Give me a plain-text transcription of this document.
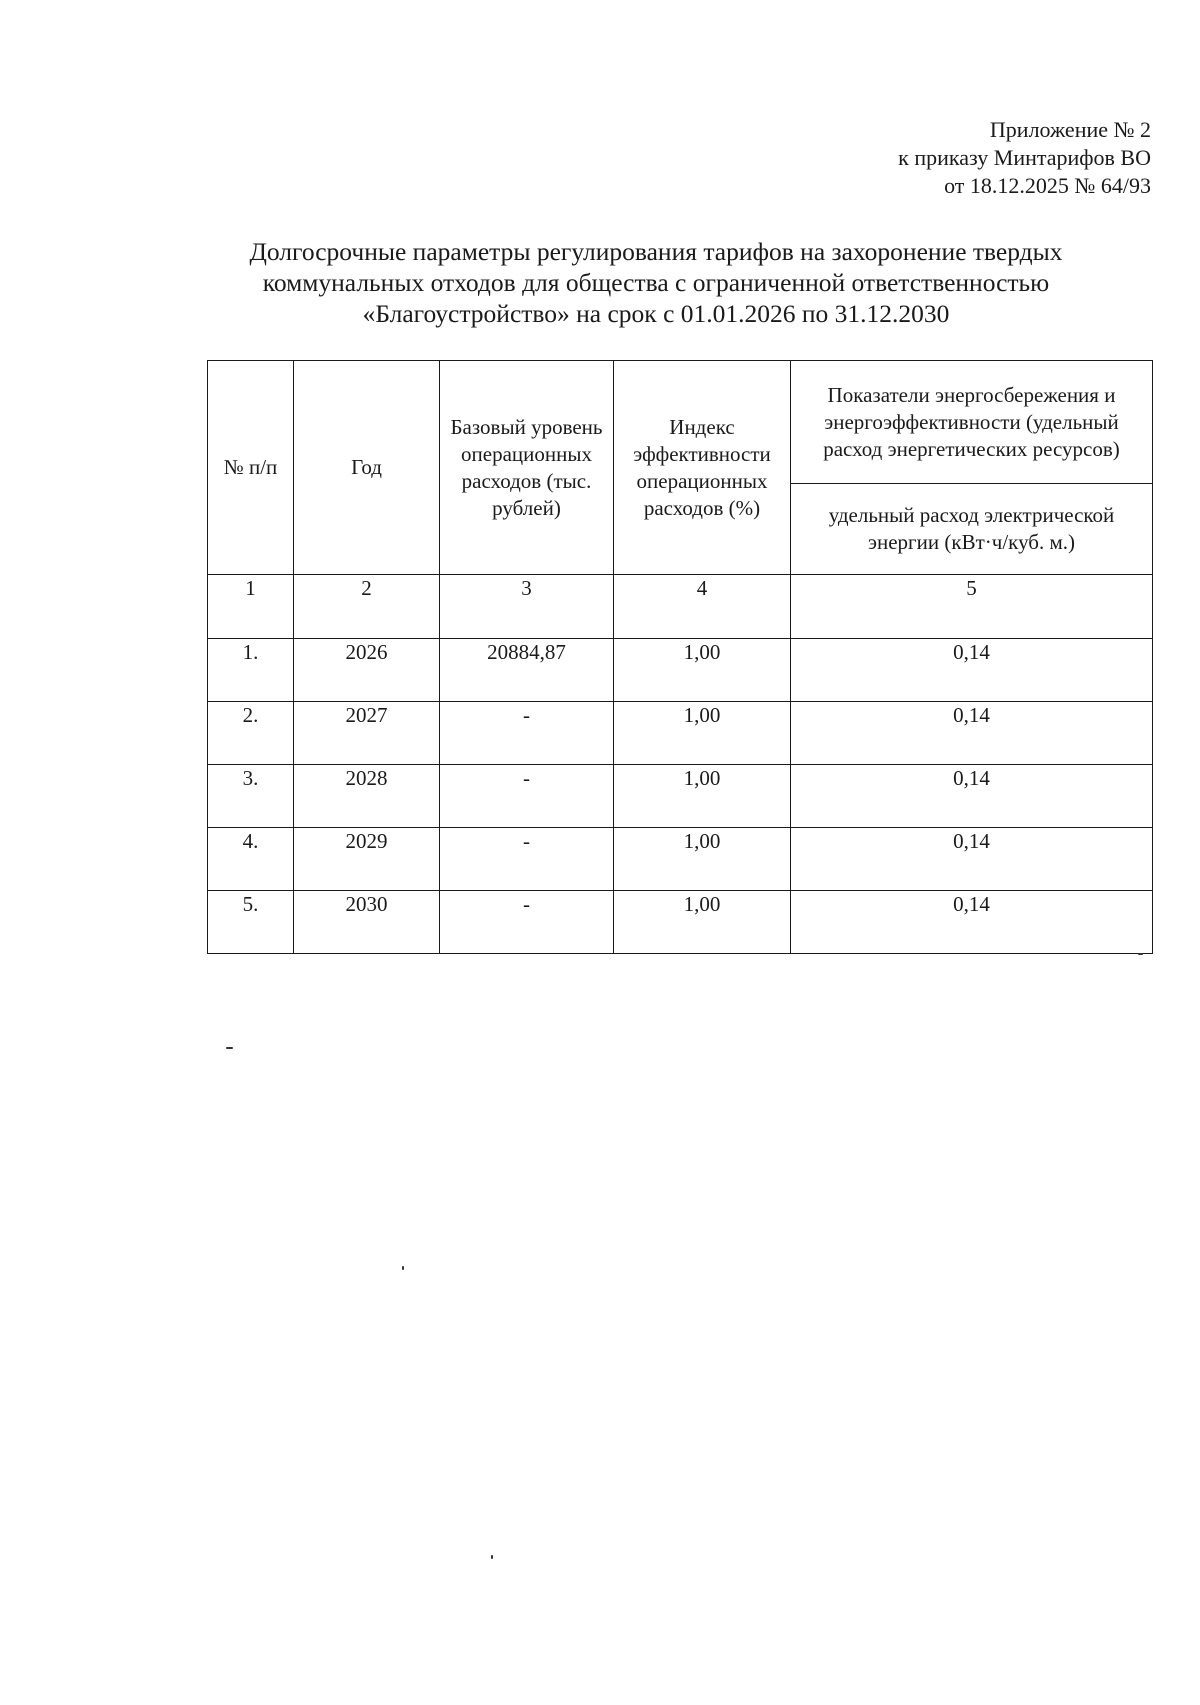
Приложение № 2
к приказу Минтарифов ВО
от 18.12.2025 № 64/93
Долгосрочные параметры регулирования тарифов на захоронение твердых
коммунальных отходов для общества с ограниченной ответственностью
«Благоустройство» на срок с 01.01.2026 по 31.12.2030
№ п/п	Год	Базовый уровень операционных расходов (тыс. рублей)	Индекс эффективности операционных расходов (%)	Показатели энергосбережения и энергоэффективности (удельный расход энергетических ресурсов)
				удельный расход электрической энергии (кВт·ч/куб. м.)
1	2	3	4	5
1.	2026	20884,87	1,00	0,14
2.	2027	-	1,00	0,14
3.	2028	-	1,00	0,14
4.	2029	-	1,00	0,14
5.	2030	-	1,00	0,14
